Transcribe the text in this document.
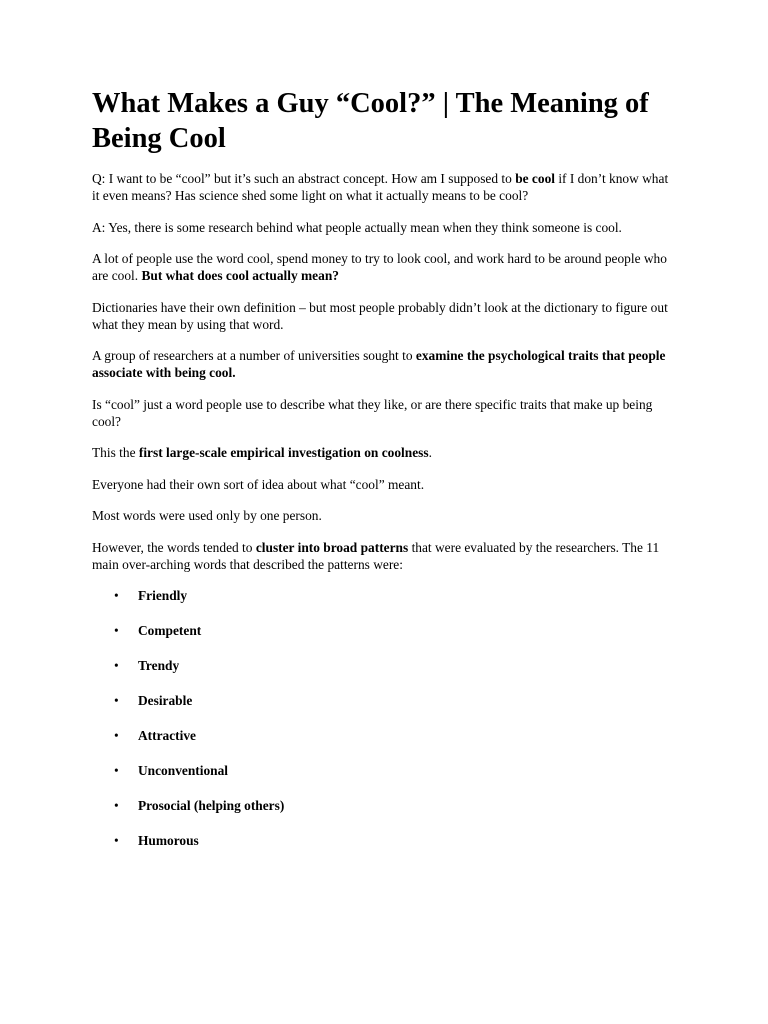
What Makes a Guy “Cool?” | The Meaning of Being Cool

Q: I want to be “cool” but it’s such an abstract concept. How am I supposed to be cool if I don’t know what it even means? Has science shed some light on what it actually means to be cool?

A: Yes, there is some research behind what people actually mean when they think someone is cool.

A lot of people use the word cool, spend money to try to look cool, and work hard to be around people who are cool. But what does cool actually mean?

Dictionaries have their own definition – but most people probably didn’t look at the dictionary to figure out what they mean by using that word.

A group of researchers at a number of universities sought to examine the psychological traits that people associate with being cool.

Is “cool” just a word people use to describe what they like, or are there specific traits that make up being cool?

This the first large-scale empirical investigation on coolness.

Everyone had their own sort of idea about what “cool” meant.

Most words were used only by one person.

However, the words tended to cluster into broad patterns that were evaluated by the researchers. The 11 main over-arching words that described the patterns were:

• Friendly
• Competent
• Trendy
• Desirable
• Attractive
• Unconventional
• Prosocial (helping others)
• Humorous
